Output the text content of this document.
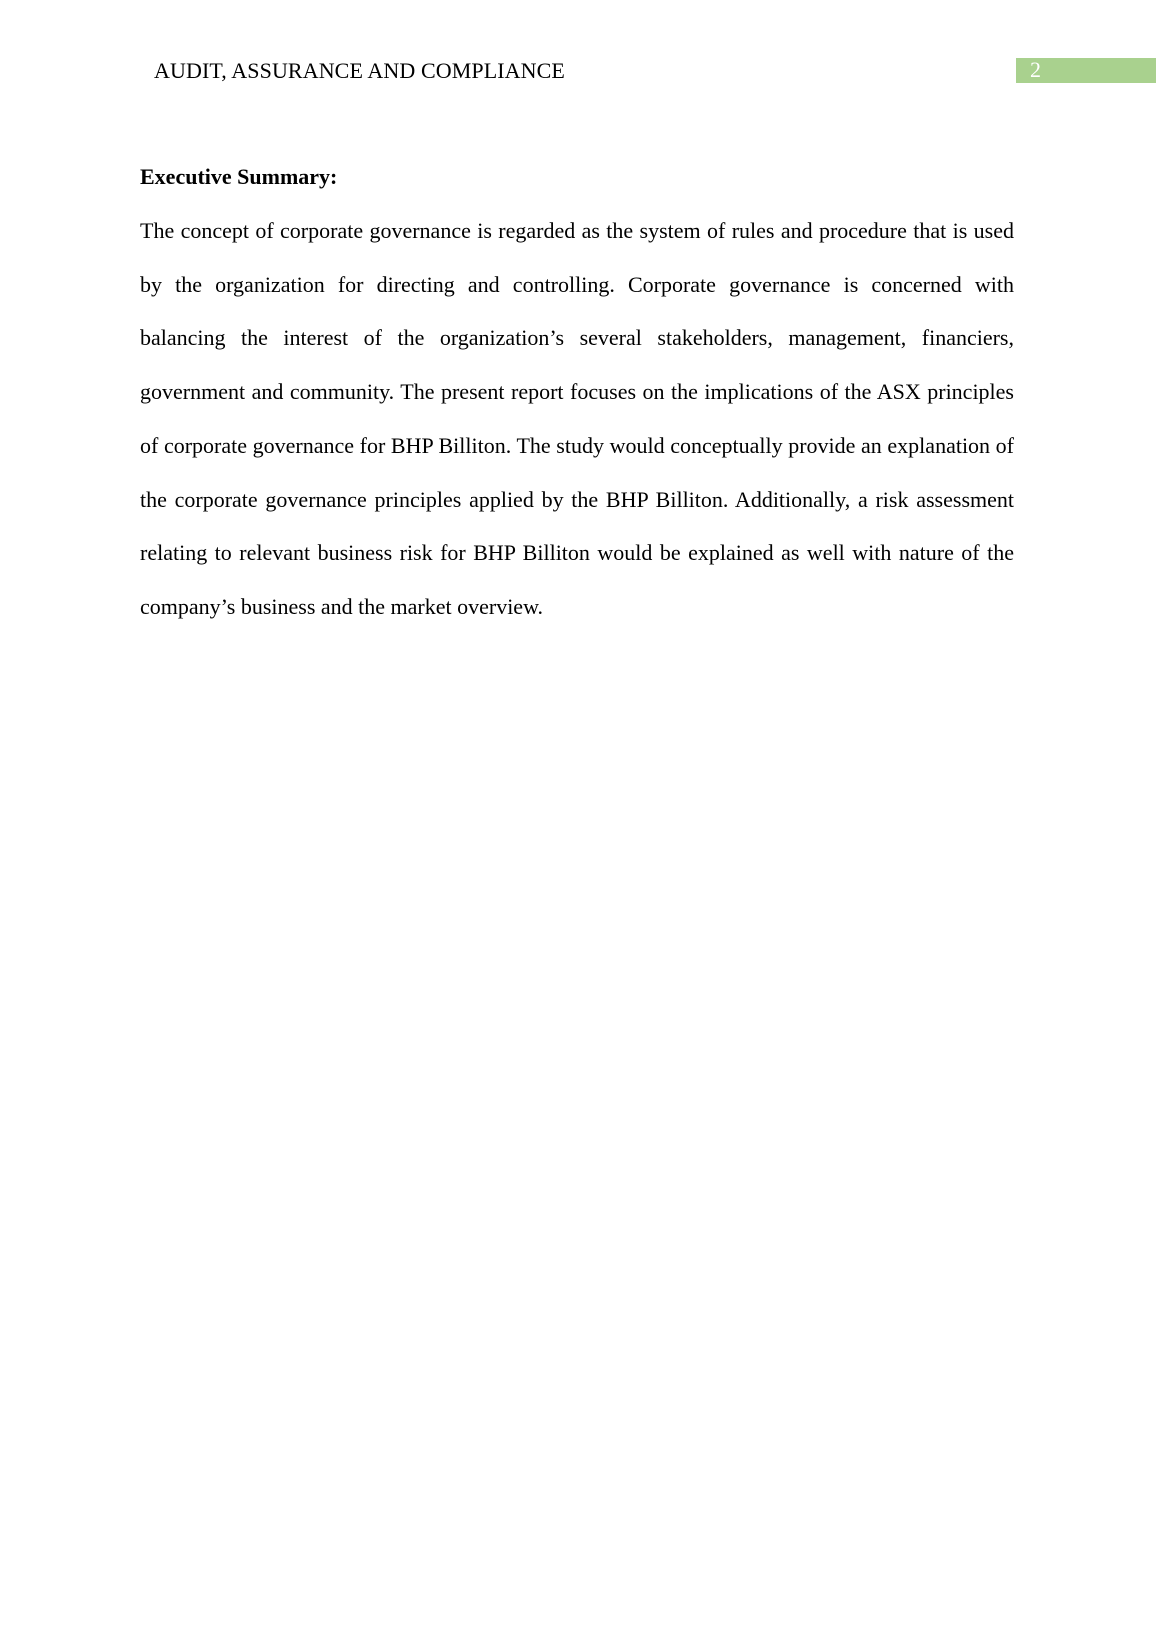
AUDIT, ASSURANCE AND COMPLIANCE	2

Executive Summary:

The concept of corporate governance is regarded as the system of rules and procedure that is used by the organization for directing and controlling. Corporate governance is concerned with balancing the interest of the organization’s several stakeholders, management, financiers, government and community. The present report focuses on the implications of the ASX principles of corporate governance for BHP Billiton. The study would conceptually provide an explanation of the corporate governance principles applied by the BHP Billiton. Additionally, a risk assessment relating to relevant business risk for BHP Billiton would be explained as well with nature of the company’s business and the market overview.
